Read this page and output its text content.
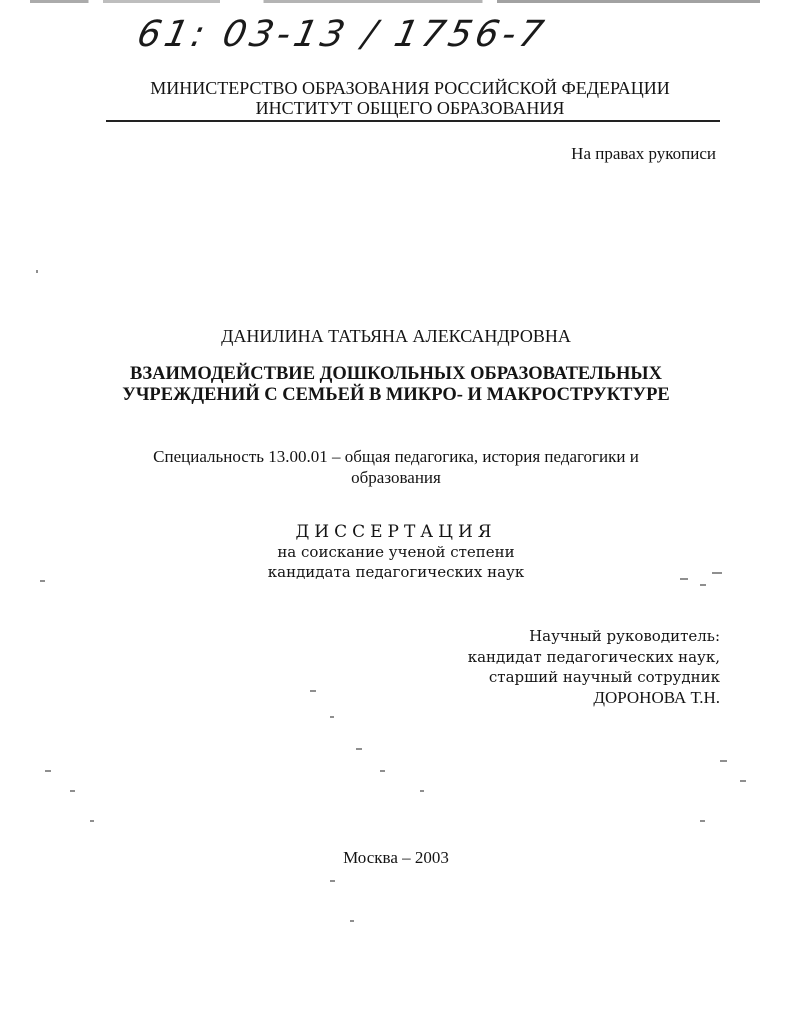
61: 03-13 / 1756-7
МИНИСТЕРСТВО ОБРАЗОВАНИЯ РОССИЙСКОЙ ФЕДЕРАЦИИ
ИНСТИТУТ ОБЩЕГО ОБРАЗОВАНИЯ
На правах рукописи
ДАНИЛИНА ТАТЬЯНА АЛЕКСАНДРОВНА
ВЗАИМОДЕЙСТВИЕ ДОШКОЛЬНЫХ ОБРАЗОВАТЕЛЬНЫХ
УЧРЕЖДЕНИЙ С СЕМЬЕЙ В МИКРО- И МАКРОСТРУКТУРЕ
Специальность 13.00.01 – общая педагогика, история педагогики и
образования
ДИССЕРТАЦИЯ
на соискание ученой степени
кандидата педагогических наук
Научный руководитель:
кандидат педагогических наук,
старший научный сотрудник
ДОРОНОВА Т.Н.
Москва – 2003
